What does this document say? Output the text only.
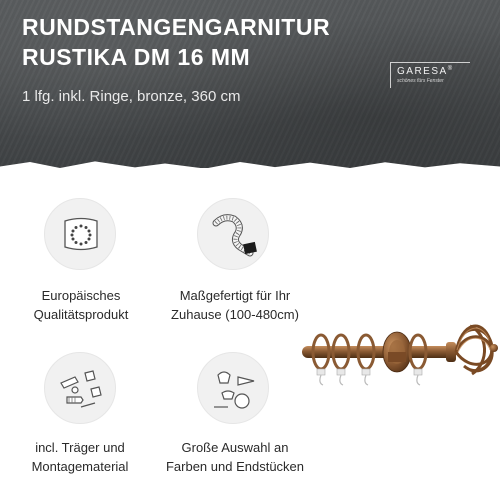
RUNDSTANGENGARNITUR
RUSTIKA DM 16 MM
1 lfg. inkl. Ringe, bronze, 360 cm
GARESA®
schönes fürs Fenster
Europäisches
Qualitätsprodukt
Maßgefertigt für Ihr
Zuhause (100-480cm)
incl. Träger und
Montagematerial
Große Auswahl an
Farben und Endstücken
